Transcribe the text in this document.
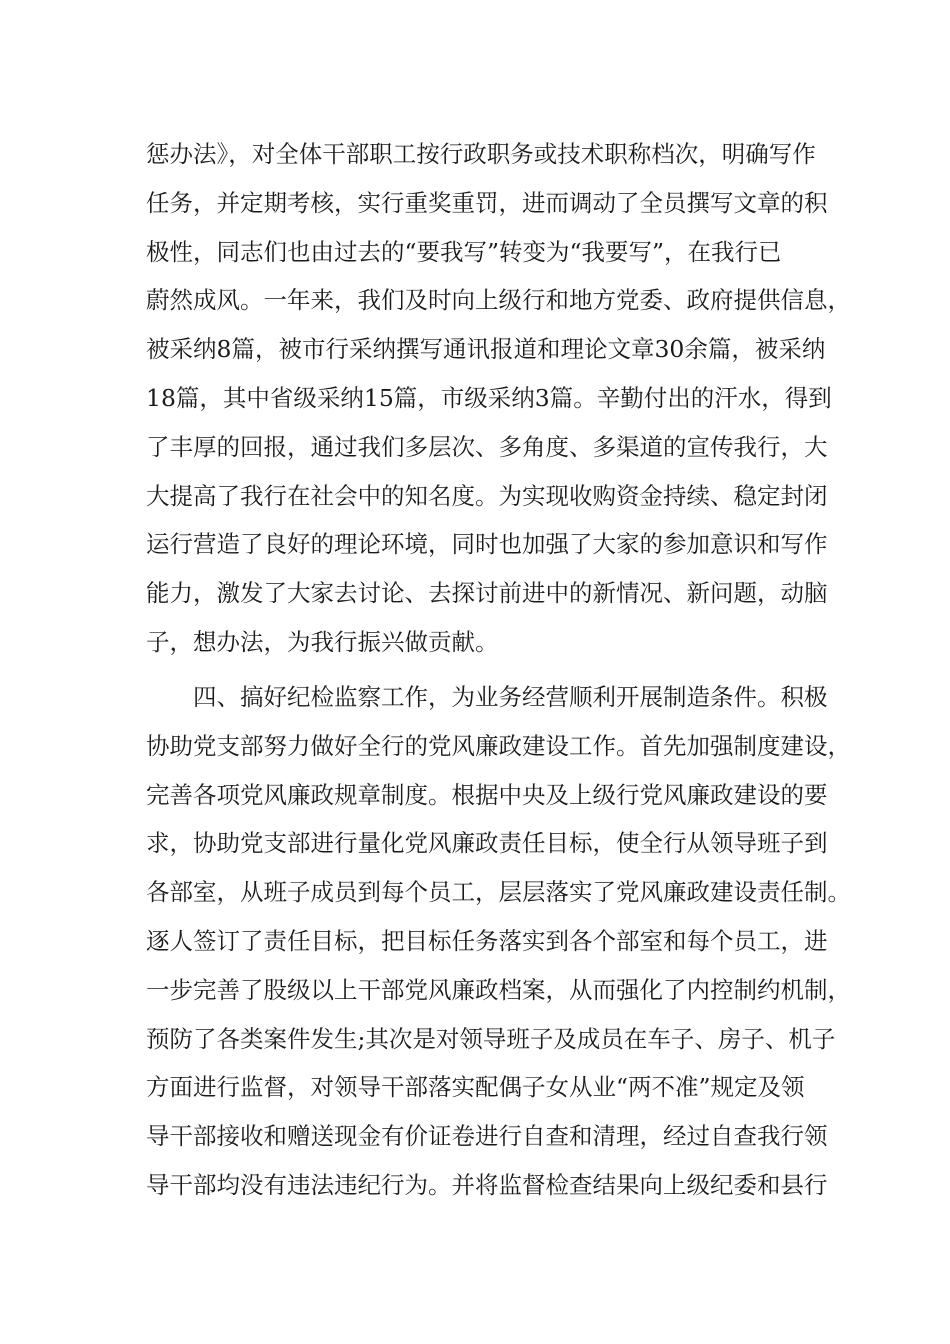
惩办法》，对全体干部职工按行政职务或技术职称档次，明确写作
任务，并定期考核，实行重奖重罚，进而调动了全员撰写文章的积
极性，同志们也由过去的“要我写”转变为“我要写”，在我行已
蔚然成风。一年来，我们及时向上级行和地方党委、政府提供信息，
被采纳8篇，被市行采纳撰写通讯报道和理论文章30余篇，被采纳
18篇，其中省级采纳15篇，市级采纳3篇。辛勤付出的汗水，得到
了丰厚的回报，通过我们多层次、多角度、多渠道的宣传我行，大
大提高了我行在社会中的知名度。为实现收购资金持续、稳定封闭
运行营造了良好的理论环境，同时也加强了大家的参加意识和写作
能力，激发了大家去讨论、去探讨前进中的新情况、新问题，动脑
子，想办法，为我行振兴做贡献。
四、搞好纪检监察工作，为业务经营顺利开展制造条件。积极
协助党支部努力做好全行的党风廉政建设工作。首先加强制度建设，
完善各项党风廉政规章制度。根据中央及上级行党风廉政建设的要
求，协助党支部进行量化党风廉政责任目标，使全行从领导班子到
各部室，从班子成员到每个员工，层层落实了党风廉政建设责任制。
逐人签订了责任目标，把目标任务落实到各个部室和每个员工，进
一步完善了股级以上干部党风廉政档案，从而强化了内控制约机制，
预防了各类案件发生;其次是对领导班子及成员在车子、房子、机子
方面进行监督，对领导干部落实配偶子女从业“两不准”规定及领
导干部接收和赠送现金有价证卷进行自查和清理，经过自查我行领
导干部均没有违法违纪行为。并将监督检查结果向上级纪委和县行
